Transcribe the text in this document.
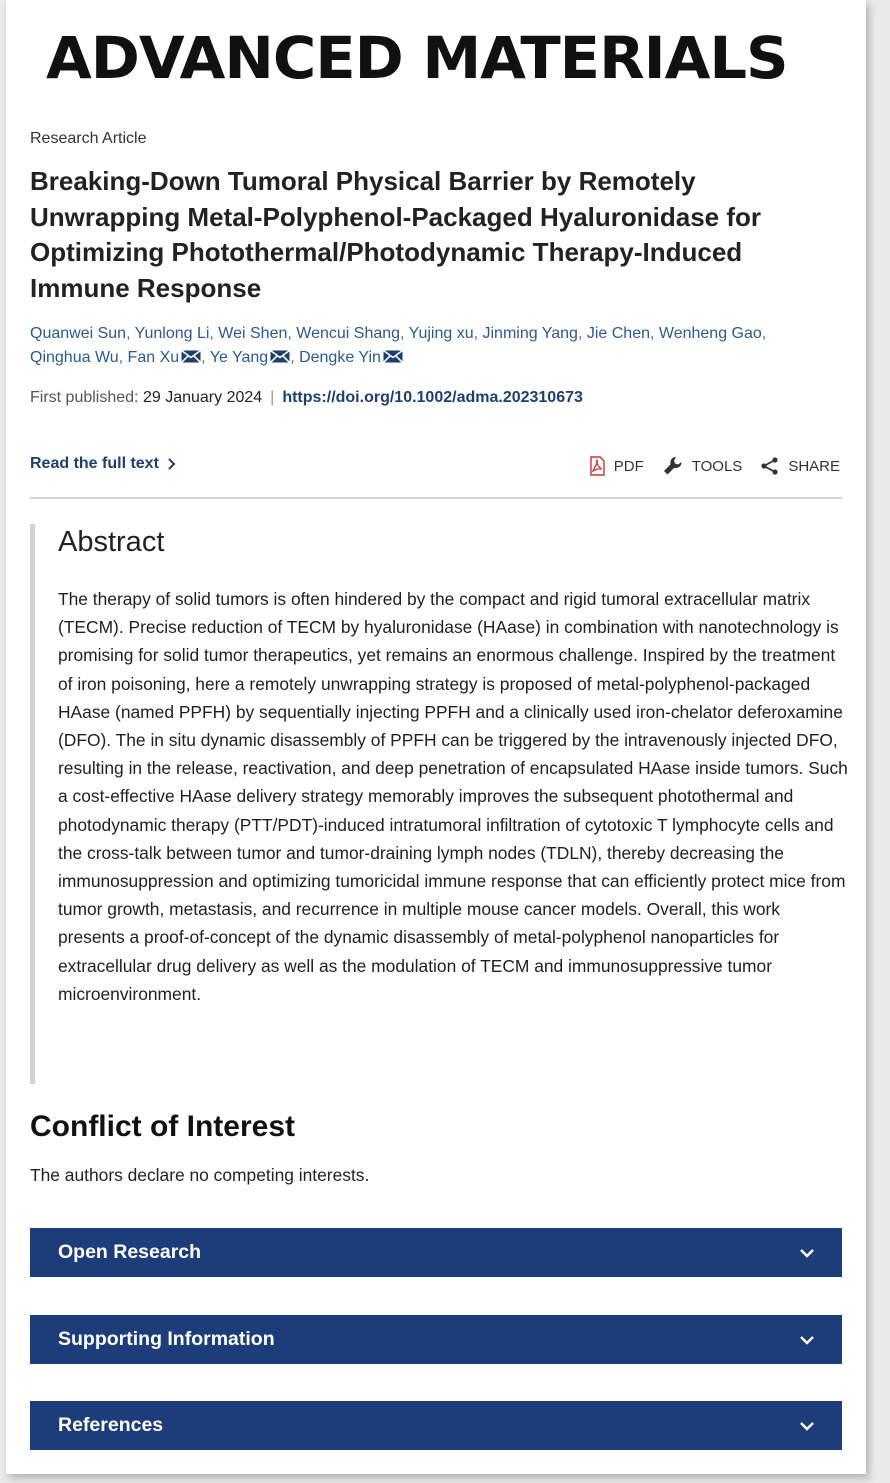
ADVANCED MATERIALS
Research Article
Breaking-Down Tumoral Physical Barrier by Remotely Unwrapping Metal-Polyphenol-Packaged Hyaluronidase for Optimizing Photothermal/Photodynamic Therapy-Induced Immune Response
Quanwei Sun, Yunlong Li, Wei Shen, Wencui Shang, Yujing xu, Jinming Yang, Jie Chen, Wenheng Gao, Qinghua Wu, Fan Xu , Ye Yang , Dengke Yin
First published: 29 January 2024 | https://doi.org/10.1002/adma.202310673
Read the full text	PDF	TOOLS	SHARE
Abstract
The therapy of solid tumors is often hindered by the compact and rigid tumoral extracellular matrix (TECM). Precise reduction of TECM by hyaluronidase (HAase) in combination with nanotechnology is promising for solid tumor therapeutics, yet remains an enormous challenge. Inspired by the treatment of iron poisoning, here a remotely unwrapping strategy is proposed of metal-polyphenol-packaged HAase (named PPFH) by sequentially injecting PPFH and a clinically used iron-chelator deferoxamine (DFO). The in situ dynamic disassembly of PPFH can be triggered by the intravenously injected DFO, resulting in the release, reactivation, and deep penetration of encapsulated HAase inside tumors. Such a cost-effective HAase delivery strategy memorably improves the subsequent photothermal and photodynamic therapy (PTT/PDT)-induced intratumoral infiltration of cytotoxic T lymphocyte cells and the cross-talk between tumor and tumor-draining lymph nodes (TDLN), thereby decreasing the immunosuppression and optimizing tumoricidal immune response that can efficiently protect mice from tumor growth, metastasis, and recurrence in multiple mouse cancer models. Overall, this work presents a proof-of-concept of the dynamic disassembly of metal-polyphenol nanoparticles for extracellular drug delivery as well as the modulation of TECM and immunosuppressive tumor microenvironment.
Conflict of Interest
The authors declare no competing interests.
Open Research
Supporting Information
References
